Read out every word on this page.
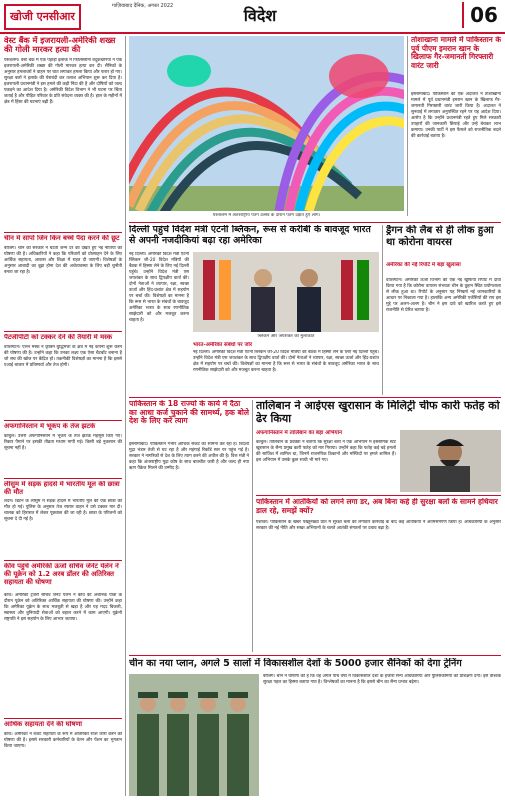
खोजी एनसीआर
गाज़ियाबाद दैनिक, अगस्त 2022	विदेश	06
वेस्ट बैंक में इजरायली-अमेरिकी शख्स की गोली मारकर हत्या की
यरुशलम। वेस्ट बैंक में एक पहाड़ी इलाके में फिलिस्तीनी बंदूकधारियों ने एक इजरायली-अमेरिकी शख्स की गोली मारकर हत्या कर दी। सैनिकों के अनुसार हमलावरों ने वाहन पर घात लगाकर हमला किया और फरार हो गए। सुरक्षा बलों ने इलाके की घेराबंदी कर तलाश अभियान शुरू कर दिया है। इजरायली प्रधानमंत्री ने इस हमले की कड़ी निंदा की है और दोषियों को जल्द पकड़ने का आदेश दिया है। अमेरिकी विदेश विभाग ने भी घटना पर चिंता जताई है और पीड़ित परिवार के प्रति संवेदना व्यक्त की है। हाल के महीनों में क्षेत्र में हिंसा की घटनाएं बढ़ी हैं।
चीन में सांपों जिन किन बच्चे पैदा करने की छूट
बीजिंग। चीन की सरकार ने घटती जन्म दर को देखते हुए नई नीतियों की घोषणा की है। अधिकारियों ने कहा कि परिवारों को प्रोत्साहन देने के लिए आर्थिक सहायता, आवास और शिक्षा में राहत दी जाएगी। विशेषज्ञों के अनुसार आबादी का बूढ़ा होना देश की अर्थव्यवस्था के लिए बड़ी चुनौती बनता जा रहा है।
पैटजीपीटी को टक्कर देने की तैयारी में मस्क
वॉशिंगटन। एलन मस्क ने कृत्रिम बुद्धिमत्ता के क्षेत्र में नई कंपनी शुरू करने की घोषणा की है। उन्होंने कहा कि उनका लक्ष्य एक ऐसा चैटबॉट बनाना है जो सच की खोज पर केंद्रित हो। तकनीकी विशेषज्ञों का मानना है कि इससे एआई बाजार में प्रतिस्पर्धा और तेज होगी।
अफगानिस्तान में भूकंप के तेज झटके
काबुल। उत्तरी अफगानिस्तान में भूकंप के तेज झटके महसूस किए गए। रिक्टर पैमाने पर इसकी तीव्रता मध्यम मापी गई। किसी बड़े नुकसान की सूचना नहीं है।
लीसुम में सड़क हादसे में भारतीय मूल की छात्रा की मौत
लंदन। ब्रिटेन के लीसुम में सड़क हादसे में भारतीय मूल की एक छात्रा की मौत हो गई। पुलिस के अनुसार तेज रफ्तार वाहन ने उसे टक्कर मार दी। चालक को हिरासत में लेकर पूछताछ की जा रही है। छात्रा के परिजनों को सूचना दे दी गई है।
कीव पहुंचे अमेरिकी ऊर्जा सचिव जेनेट येलेन ने की यूक्रेन को 1.2 अरब डॉलर की अतिरिक्त सहायता की घोषणा
कीव। अमेरिकी ट्रेजरी सचिव जेनेट येलेन ने कीव की अचानक यात्रा के दौरान यूक्रेन को अतिरिक्त आर्थिक सहायता की घोषणा की। उन्होंने कहा कि अमेरिका यूक्रेन के साथ मजबूती से खड़ा है और यह मदद बिजली, स्वास्थ्य और बुनियादी सेवाओं को बहाल करने में काम आएगी। यूक्रेनी राष्ट्रपति ने इस सहयोग के लिए आभार जताया।
आर्थिक सहायता देने की घोषणा
कीव। अमेरिका ने बजट सहायता के रूप में अतिरिक्त राशि जारी करने की घोषणा की है। इससे सरकारी कर्मचारियों के वेतन और पेंशन का भुगतान किया जाएगा।
यरुशलम में अंतरराष्ट्रीय पतंग उत्सव के दौरान पतंग उड़ाते हुए लोग।
तोशाखाना मामले में पाकिस्तान के पूर्व पीएम इमरान खान के खिलाफ गैर-जमानती गिरफ्तारी वारंट जारी
इस्लामाबाद। पाकिस्तान की एक अदालत ने तोशाखाना मामले में पूर्व प्रधानमंत्री इमरान खान के खिलाफ गैर-जमानती गिरफ्तारी वारंट जारी किया है। अदालत ने सुनवाई में लगातार अनुपस्थित रहने पर यह आदेश दिया। आरोप है कि उन्होंने प्रधानमंत्री रहते हुए मिले सरकारी उपहारों की जानकारी छिपाई और उन्हें बेचकर लाभ कमाया। उनकी पार्टी ने इस फैसले को राजनीतिक बदले की कार्रवाई बताया है।
दिल्ली पहुंचे विदेश मंत्री एंटनी ब्लिंकन, रूस से करीबी के बावजूद भारत से अपनी नजदीकियां बढ़ा रहा अमेरिका
नई दिल्ली। अमेरिकी विदेश मंत्री एंटनी ब्लिंकन जी-20 विदेश मंत्रियों की बैठक में हिस्सा लेने के लिए नई दिल्ली पहुंचे। उन्होंने विदेश मंत्री एस जयशंकर के साथ द्विपक्षीय वार्ता की। दोनों नेताओं ने व्यापार, रक्षा, स्वच्छ ऊर्जा और हिंद-प्रशांत क्षेत्र में सहयोग पर चर्चा की। विशेषज्ञों का मानना है कि रूस से भारत के संबंधों के बावजूद अमेरिका भारत के साथ रणनीतिक साझेदारी को और मजबूत करना चाहता है।
ब्लिंकन और जयशंकर की मुलाकात
भारत-अमेरिका संबंधों पर जोर
नई दिल्ली। अमेरिकी विदेश मंत्री एंटनी ब्लिंकन जी-20 विदेश मंत्रियों की बैठक में हिस्सा लेने के लिए नई दिल्ली पहुंचे। उन्होंने विदेश मंत्री एस जयशंकर के साथ द्विपक्षीय वार्ता की। दोनों नेताओं ने व्यापार, रक्षा, स्वच्छ ऊर्जा और हिंद-प्रशांत क्षेत्र में सहयोग पर चर्चा की। विशेषज्ञों का मानना है कि रूस से भारत के संबंधों के बावजूद अमेरिका भारत के साथ रणनीतिक साझेदारी को और मजबूत करना चाहता है।
ड्रैगन की लैब से ही लीक हुआ था कोरोना वायरस
अमेरिका की नई रिपोर्ट में बड़ा खुलासा
वॉशिंगटन। अमेरिकी ऊर्जा विभाग की एक नई खुफिया रिपोर्ट में दावा किया गया है कि कोरोना वायरस संभवतः चीन के वुहान स्थित प्रयोगशाला से लीक हुआ था। रिपोर्ट के अनुसार यह निष्कर्ष नई जानकारियों के आधार पर निकाला गया है। हालांकि अन्य अमेरिकी एजेंसियों की राय इस मुद्दे पर अलग-अलग है। चीन ने इस दावे को खारिज करते हुए इसे राजनीति से प्रेरित बताया है।
पाकिस्तान के 18 राज्यों के कार्य में दैठा का आधा कर्ज चुकाने की सामर्थ्य, हक बोले देश के लिए करें त्याग
इस्लामाबाद। पाकिस्तान गंभीर आर्थिक संकट का सामना कर रहा है। विदेशी मुद्रा भंडार तेजी से घट रहा है और महंगाई रिकॉर्ड स्तर पर पहुंच गई है। सरकार ने नागरिकों से देश के लिए त्याग करने की अपील की है। वित्त मंत्री ने कहा कि अंतरराष्ट्रीय मुद्रा कोष के साथ बातचीत जारी है और जल्द ही नया ऋण पैकेज मिलने की उम्मीद है।
तालिबान ने आईएस खुरासान के मिलिट्री चीफ कारी फतेह को ढेर किया
अफगानिस्तान में तालिबान का बड़ा अभियान
काबुल। तालिबान के प्रवक्ता ने बताया कि सुरक्षा बलों ने एक अभियान में इस्लामिक स्टेट खुरासान के सैन्य प्रमुख कारी फतेह को मार गिराया। उन्होंने कहा कि फतेह कई बड़े हमलों की साजिश में शामिल था, जिनमें राजनयिक ठिकानों और मस्जिदों पर हमले शामिल हैं। इस अभियान में उसके कुछ साथी भी मारे गए।
पाकिस्तान में आतंकियों को लगने लगा डर, अब बिना कहे ही सुरक्षा बलों के सामने हथियार डाल रहे, समझें क्यों?
पेशावर। पाकिस्तान के खैबर पख्तूनख्वा प्रांत में सुरक्षा बलों की लगातार कार्रवाई के बाद कई आतंकियों ने आत्मसमर्पण किया है। अधिकारियों के अनुसार सरकार की नई नीति और सख्त अभियानों के चलते आतंकी संगठनों पर दबाव बढ़ा है।
चीन का नया प्लान, अगले 5 सालों में विकासशील देशों के 5000 हजार सैनिकों को देगा ट्रेनिंग
बीजिंग। चीन ने घोषणा की है कि वह अगले पांच वर्षों में विकासशील देशों के हजारों सैन्य अधिकारियों और पुलिसकर्मियों को प्रशिक्षण देगा। इसे वैश्विक सुरक्षा पहल का हिस्सा बताया गया है। विश्लेषकों का मानना है कि इससे चीन का सैन्य प्रभाव बढ़ेगा।
